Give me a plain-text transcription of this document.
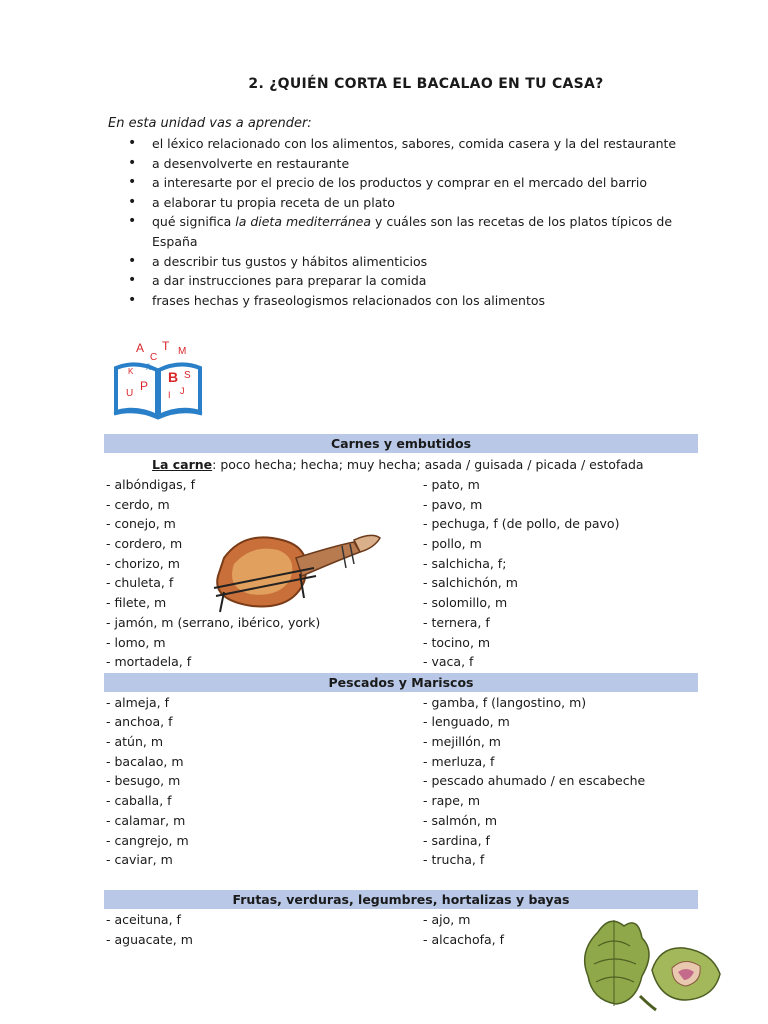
2. ¿QUIÉN CORTA EL BACALAO EN TU CASA?
En esta unidad vas a aprender:
• el léxico relacionado con los alimentos, sabores, comida casera y la del restaurante
• a desenvolverte en restaurante
• a interesarte por el precio de los productos y comprar en el mercado del barrio
• a elaborar tu propia receta de un plato
• qué significa la dieta mediterránea y cuáles son las recetas de los platos típicos de España
• a describir tus gustos y hábitos alimenticios
• a dar instrucciones para preparar la comida
• frases hechas y fraseologismos relacionados con los alimentos
A
C
T M
K Ñ
B S
U
P
I J
Carnes y embutidos
La carne: poco hecha; hecha; muy hecha; asada / guisada / picada / estofada
- albóndigas, f
- cerdo, m
- conejo, m
- cordero, m
- chorizo, m
- chuleta, f
- filete, m
- jamón, m (serrano, ibérico, york)
- lomo, m
- mortadela, f
- pato, m
- pavo, m
- pechuga, f (de pollo, de pavo)
- pollo, m
- salchicha, f;
- salchichón, m
- solomillo, m
- ternera, f
- tocino, m
- vaca, f
Pescados y Mariscos
- almeja, f
- anchoa, f
- atún, m
- bacalao, m
- besugo, m
- caballa, f
- calamar, m
- cangrejo, m
- caviar, m
- gamba, f (langostino, m)
- lenguado, m
- mejillón, m
- merluza, f
- pescado ahumado / en escabeche
- rape, m
- salmón, m
- sardina, f
- trucha, f
Frutas, verduras, legumbres, hortalizas y bayas
- aceituna, f
- aguacate, m
- ajo, m
- alcachofa, f
